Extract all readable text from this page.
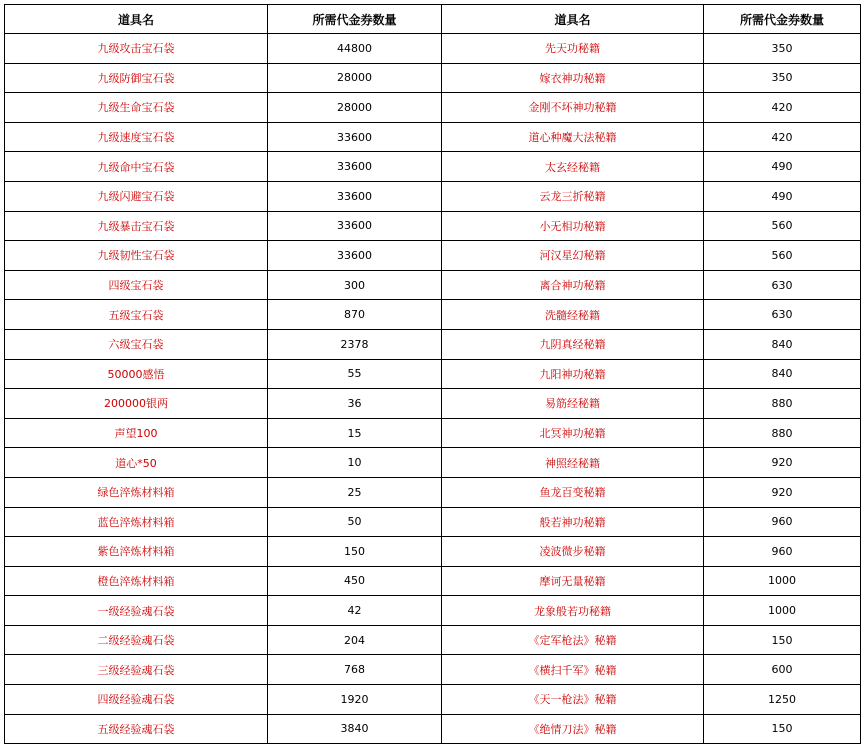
道具名	所需代金券数量	道具名	所需代金券数量
九级攻击宝石袋	44800	先天功秘籍	350
九级防御宝石袋	28000	嫁衣神功秘籍	350
九级生命宝石袋	28000	金刚不坏神功秘籍	420
九级速度宝石袋	33600	道心种魔大法秘籍	420
九级命中宝石袋	33600	太玄经秘籍	490
九级闪避宝石袋	33600	云龙三折秘籍	490
九级暴击宝石袋	33600	小无相功秘籍	560
九级韧性宝石袋	33600	河汉星幻秘籍	560
四级宝石袋	300	离合神功秘籍	630
五级宝石袋	870	洗髓经秘籍	630
六级宝石袋	2378	九阴真经秘籍	840
50000感悟	55	九阳神功秘籍	840
200000银两	36	易筋经秘籍	880
声望100	15	北冥神功秘籍	880
道心*50	10	神照经秘籍	920
绿色淬炼材料箱	25	鱼龙百变秘籍	920
蓝色淬炼材料箱	50	般若神功秘籍	960
紫色淬炼材料箱	150	凌波微步秘籍	960
橙色淬炼材料箱	450	摩诃无量秘籍	1000
一级经验魂石袋	42	龙象般若功秘籍	1000
二级经验魂石袋	204	《定军枪法》秘籍	150
三级经验魂石袋	768	《横扫千军》秘籍	600
四级经验魂石袋	1920	《天一枪法》秘籍	1250
五级经验魂石袋	3840	《绝情刀法》秘籍	150
